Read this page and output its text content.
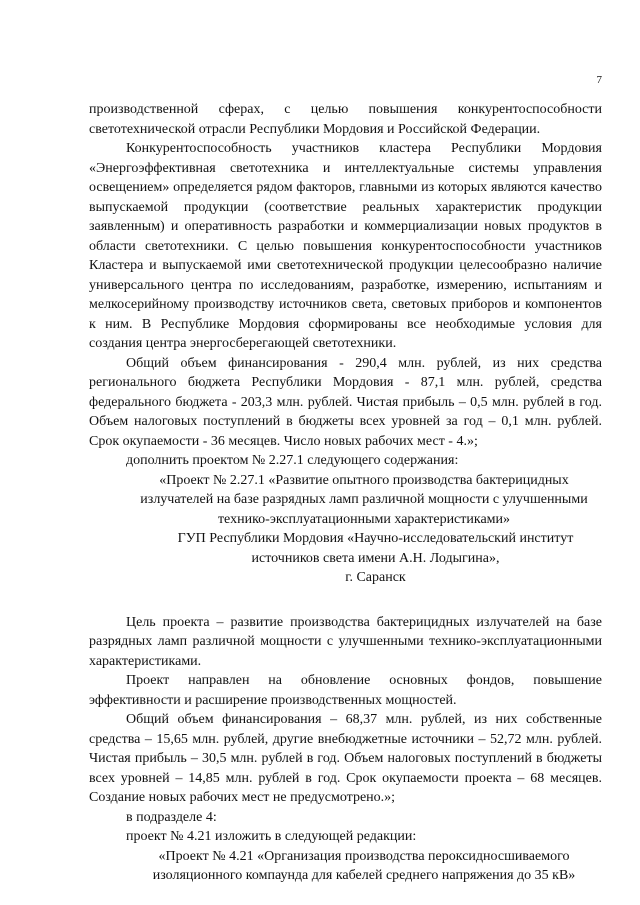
7

производственной сферах, с целью повышения конкурентоспособности светотехнической отрасли Республики Мордовия и Российской Федерации.

Конкурентоспособность участников кластера Республики Мордовия «Энергоэффективная светотехника и интеллектуальные системы управления освещением» определяется рядом факторов, главными из которых являются качество выпускаемой продукции (соответствие реальных характеристик продукции заявленным) и оперативность разработки и коммерциализации новых продуктов в области светотехники. С целью повышения конкурентоспособности участников Кластера и выпускаемой ими светотехнической продукции целесообразно наличие универсального центра по исследованиям, разработке, измерению, испытаниям и мелкосерийному производству источников света, световых приборов и компонентов к ним. В Республике Мордовия сформированы все необходимые условия для создания центра энергосберегающей светотехники.

Общий объем финансирования - 290,4 млн. рублей, из них средства регионального бюджета Республики Мордовия - 87,1 млн. рублей, средства федерального бюджета - 203,3 млн. рублей. Чистая прибыль – 0,5 млн. рублей в год. Объем налоговых поступлений в бюджеты всех уровней за год – 0,1 млн. рублей. Срок окупаемости - 36 месяцев. Число новых рабочих мест - 4.»;

дополнить проектом № 2.27.1 следующего содержания:

«Проект № 2.27.1 «Развитие опытного производства бактерицидных излучателей на базе разрядных ламп различной мощности с улучшенными технико-эксплуатационными характеристиками»

ГУП Республики Мордовия «Научно-исследовательский институт источников света имени А.Н. Лодыгина»,

г. Саранск

Цель проекта – развитие производства бактерицидных излучателей на базе разрядных ламп различной мощности с улучшенными технико-эксплуатационными характеристиками.

Проект направлен на обновление основных фондов, повышение эффективности и расширение производственных мощностей.

Общий объем финансирования – 68,37 млн. рублей, из них собственные средства – 15,65 млн. рублей, другие внебюджетные источники – 52,72 млн. рублей. Чистая прибыль – 30,5 млн. рублей в год. Объем налоговых поступлений в бюджеты всех уровней – 14,85 млн. рублей в год. Срок окупаемости проекта – 68 месяцев. Создание новых рабочих мест не предусмотрено.»;

в подразделе 4:

проект № 4.21 изложить в следующей редакции:

«Проект № 4.21 «Организация производства пероксидносшиваемого изоляционного компаунда для кабелей среднего напряжения до 35 кВ»
